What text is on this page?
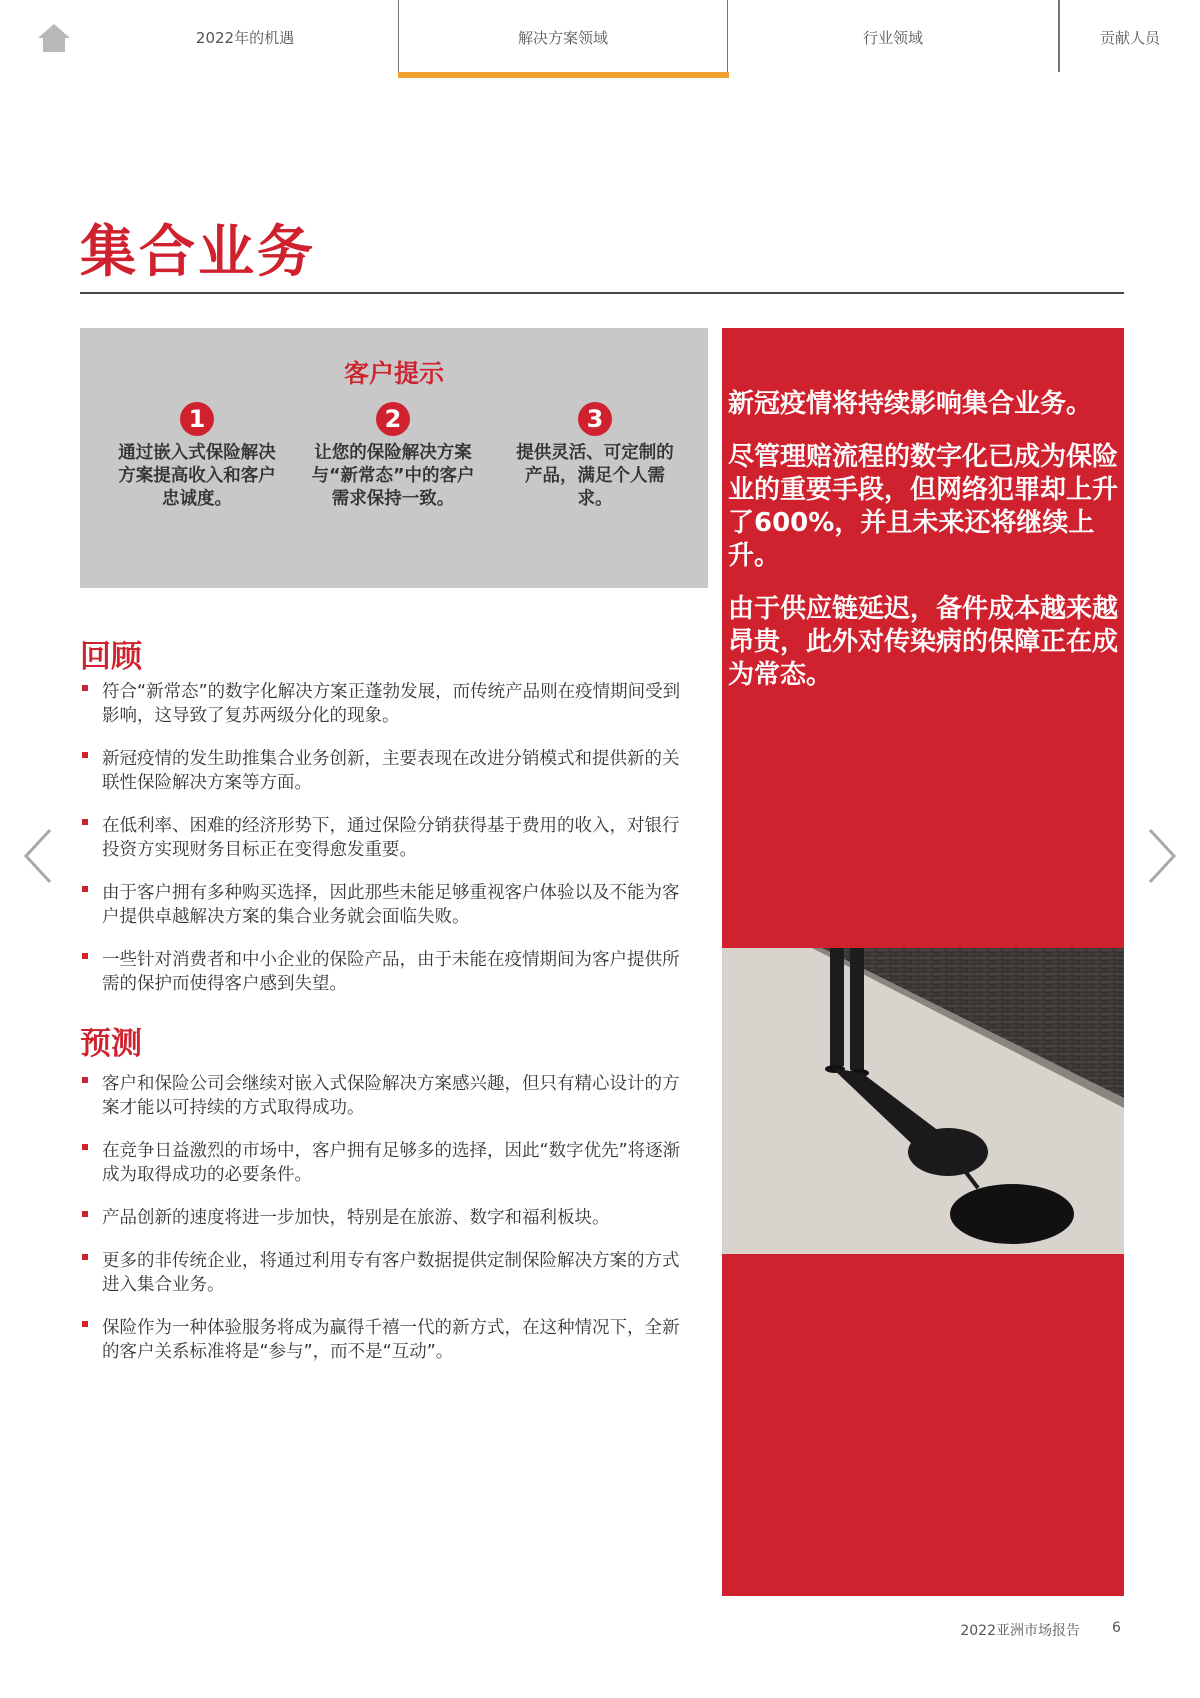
2022年的机遇	解决方案领域	行业领域	贡献人员
集合业务
客户提示
1
通过嵌入式保险解决方案提高收入和客户忠诚度。
2
让您的保险解决方案与“新常态”中的客户需求保持一致。
3
提供灵活、可定制的产品，满足个人需求。
回顾
符合“新常态”的数字化解决方案正蓬勃发展，而传统产品则在疫情期间受到影响，这导致了复苏两级分化的现象。
新冠疫情的发生助推集合业务创新，主要表现在改进分销模式和提供新的关联性保险解决方案等方面。
在低利率、困难的经济形势下，通过保险分销获得基于费用的收入，对银行投资方实现财务目标正在变得愈发重要。
由于客户拥有多种购买选择，因此那些未能足够重视客户体验以及不能为客户提供卓越解决方案的集合业务就会面临失败。
一些针对消费者和中小企业的保险产品，由于未能在疫情期间为客户提供所需的保护而使得客户感到失望。
预测
客户和保险公司会继续对嵌入式保险解决方案感兴趣，但只有精心设计的方案才能以可持续的方式取得成功。
在竞争日益激烈的市场中，客户拥有足够多的选择，因此“数字优先”将逐渐成为取得成功的必要条件。
产品创新的速度将进一步加快，特别是在旅游、数字和福利板块。
更多的非传统企业，将通过利用专有客户数据提供定制保险解决方案的方式进入集合业务。
保险作为一种体验服务将成为赢得千禧一代的新方式，在这种情况下，全新的客户关系标准将是“参与”，而不是“互动”。

新冠疫情将持续影响集合业务。

尽管理赔流程的数字化已成为保险业的重要手段，但网络犯罪却上升了600%，并且未来还将继续上升。

由于供应链延迟，备件成本越来越昂贵，此外对传染病的保障正在成为常态。

2022亚洲市场报告 6
